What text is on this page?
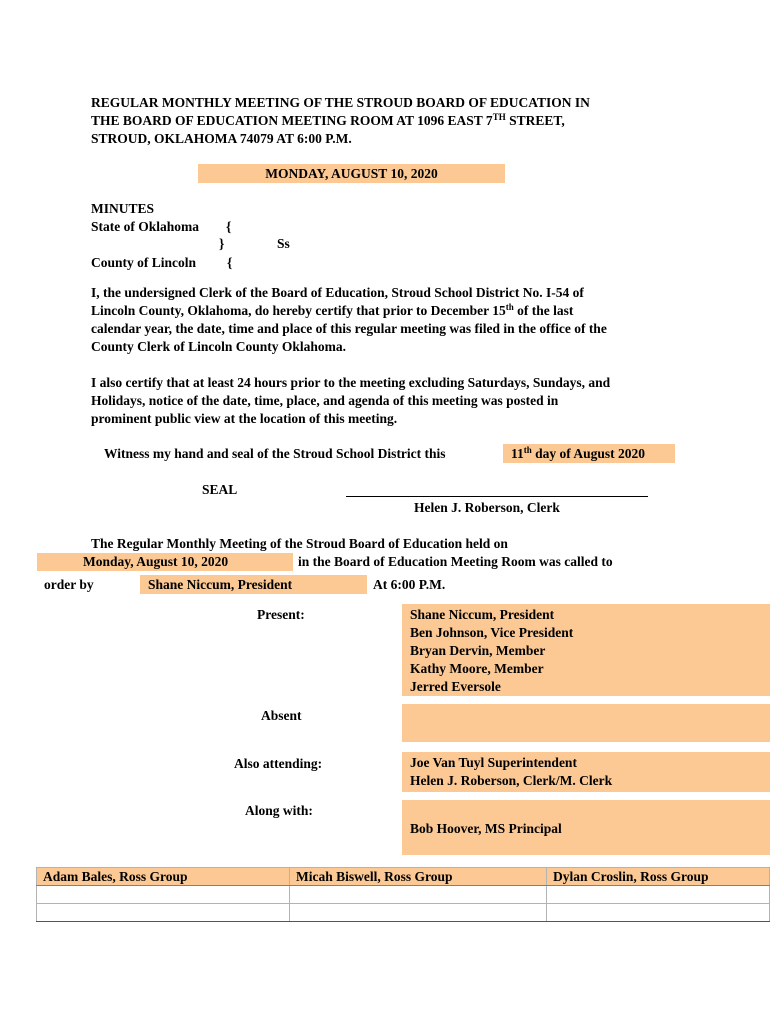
REGULAR MONTHLY MEETING OF THE STROUD BOARD OF EDUCATION IN
THE BOARD OF EDUCATION MEETING ROOM AT 1096 EAST 7TH STREET,
STROUD, OKLAHOMA 74079 AT 6:00 P.M.
MONDAY, AUGUST 10, 2020
MINUTES
State of Oklahoma {
}	Ss
County of Lincoln {
I, the undersigned Clerk of the Board of Education, Stroud School District No. I-54 of
Lincoln County, Oklahoma, do hereby certify that prior to December 15th of the last
calendar year, the date, time and place of this regular meeting was filed in the office of the
County Clerk of Lincoln County Oklahoma.
I also certify that at least 24 hours prior to the meeting excluding Saturdays, Sundays, and
Holidays, notice of the date, time, place, and agenda of this meeting was posted in
prominent public view at the location of this meeting.
Witness my hand and seal of the Stroud School District this	11th day of August 2020
SEAL
Helen J. Roberson, Clerk
The Regular Monthly Meeting of the Stroud Board of Education held on
Monday, August 10, 2020	in the Board of Education Meeting Room was called to
order by	Shane Niccum, President	At 6:00 P.M.
Present:	Shane Niccum, President
Ben Johnson, Vice President
Bryan Dervin, Member
Kathy Moore, Member
Jerred Eversole
Absent
Also attending:	Joe Van Tuyl Superintendent
Helen J. Roberson, Clerk/M. Clerk
Along with:
Bob Hoover, MS Principal
Adam Bales, Ross Group	Micah Biswell, Ross Group	Dylan Croslin, Ross Group
